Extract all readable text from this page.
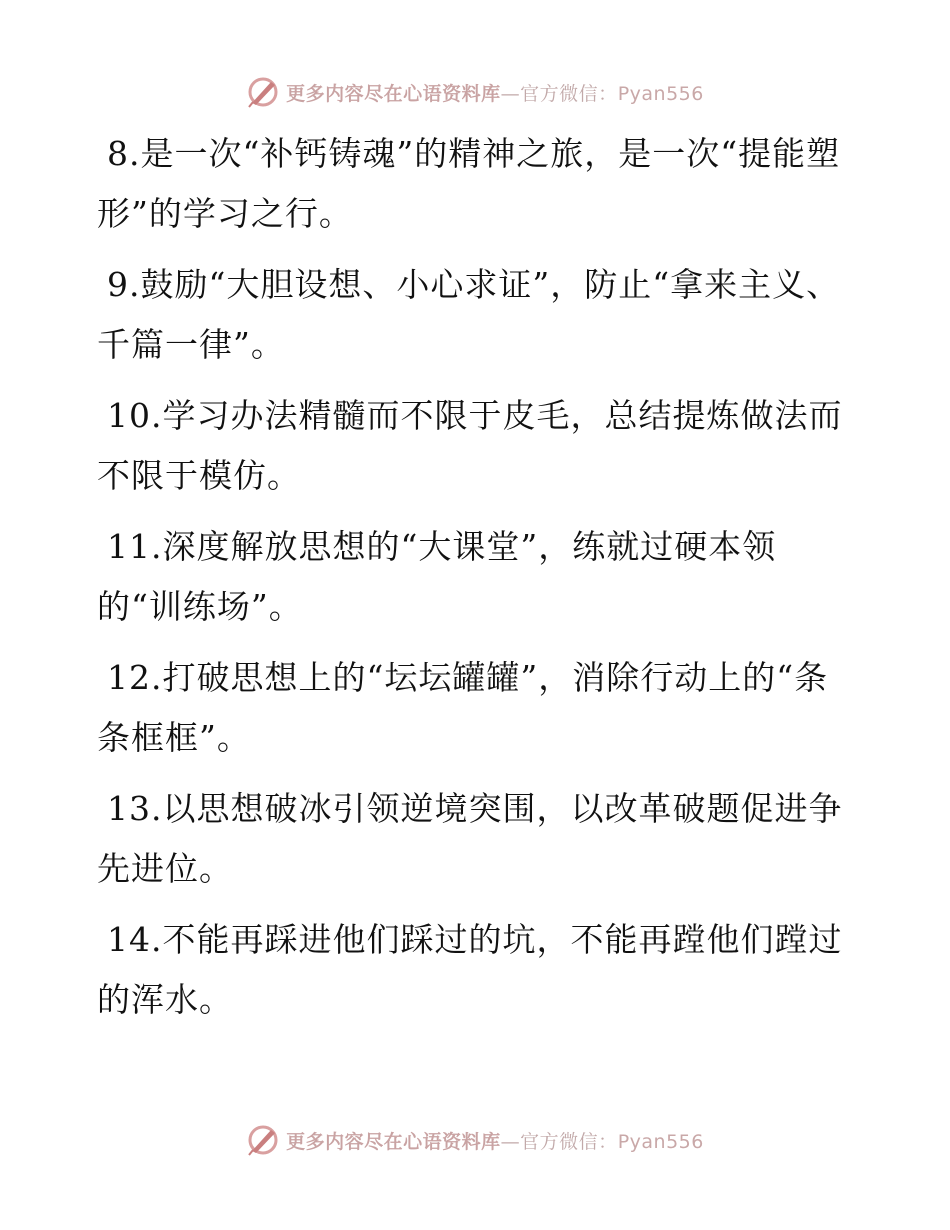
更多内容尽在心语资料库—官方微信：Pyan556

8.是一次“补钙铸魂”的精神之旅，是一次“提能塑形”的学习之行。

9.鼓励“大胆设想、小心求证”，防止“拿来主义、千篇一律”。

10.学习办法精髓而不限于皮毛，总结提炼做法而不限于模仿。

11.深度解放思想的“大课堂”，练就过硬本领的“训练场”。

12.打破思想上的“坛坛罐罐”，消除行动上的“条条框框”。

13.以思想破冰引领逆境突围，以改革破题促进争先进位。

14.不能再踩进他们踩过的坑，不能再蹚他们蹚过的浑水。

更多内容尽在心语资料库—官方微信：Pyan556
